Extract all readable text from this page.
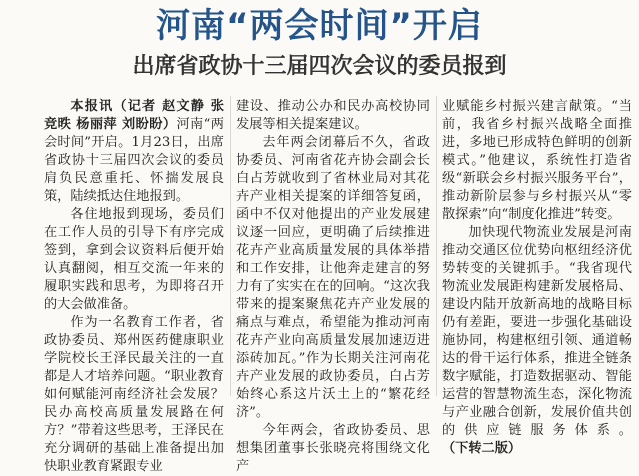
河南“两会时间”开启
出席省政协十三届四次会议的委员报到

本报讯（记者 赵文静 张竞昳 杨丽萍 刘盼盼）河南“两会时间”开启。1月23日，出席省政协十三届四次会议的委员肩负民意重托、怀揣发展良策，陆续抵达住地报到。

各住地报到现场，委员们在工作人员的引导下有序完成签到，拿到会议资料后便开始认真翻阅，相互交流一年来的履职实践和思考，为即将召开的大会做准备。

作为一名教育工作者，省政协委员、郑州医药健康职业学院校长王泽民最关注的一直都是人才培养问题。“职业教育如何赋能河南经济社会发展？民办高校高质量发展路在何方？”带着这些思考，王泽民在充分调研的基础上准备提出加快职业教育紧跟专业

建设、推动公办和民办高校协同发展等相关提案建议。

去年两会闭幕后不久，省政协委员、河南省花卉协会副会长白占芳就收到了省林业局对其花卉产业相关提案的详细答复函，函中不仅对他提出的产业发展建议逐一回应，更明确了后续推进花卉产业高质量发展的具体举措和工作安排，让他奔走建言的努力有了实实在在的回响。“这次我带来的提案聚焦花卉产业发展的痛点与难点，希望能为推动河南花卉产业向高质量发展加速迈进添砖加瓦。”作为长期关注河南花卉产业发展的政协委员，白占芳始终心系这片沃土上的“繁花经济”。

今年两会，省政协委员、思想集团董事长张晓亮将围绕文化产

业赋能乡村振兴建言献策。“当前，我省乡村振兴战略全面推进，多地已形成特色鲜明的创新模式。”他建议，系统性打造省级“新联会乡村振兴服务平台”，推动新阶层参与乡村振兴从“零散探索”向“制度化推进”转变。

加快现代物流业发展是河南推动交通区位优势向枢纽经济优势转变的关键抓手。“我省现代物流业发展距构建新发展格局、建设内陆开放新高地的战略目标仍有差距，要进一步强化基础设施协同，构建枢纽引领、通道畅达的骨干运行体系，推进全链条数字赋能，打造数据驱动、智能运营的智慧物流生态，深化物流与产业融合创新，发展价值共创的供应链服务体系。（下转二版）
